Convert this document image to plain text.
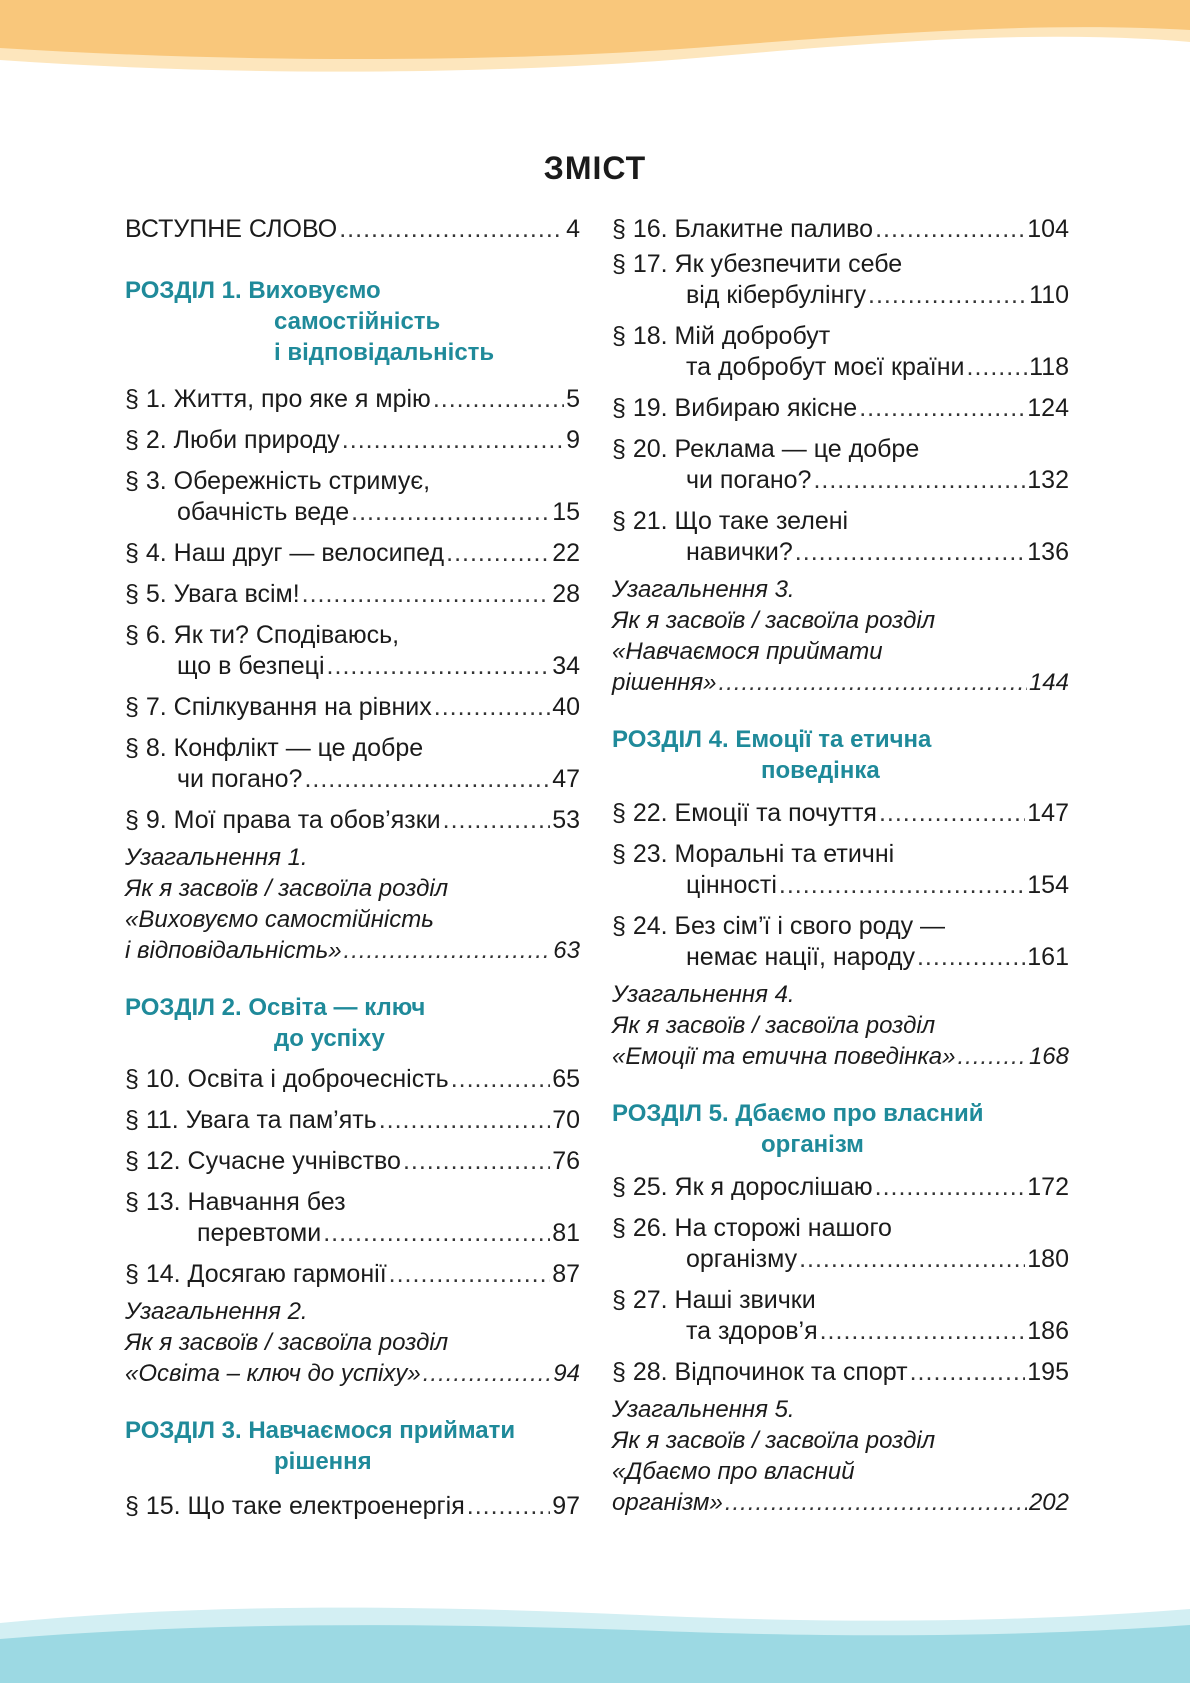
ЗМІСТ
ВСТУПНЕ СЛОВО .....	4
РОЗДІЛ 1. Виховуємо
самостійність
і відповідальність
§ 1. Життя, про яке я мрію .....	5
§ 2. Люби природу .....	9
§ 3. Обережність стримує,
обачність веде .....	15
§ 4. Наш друг — велосипед .....	22
§ 5. Увага всім! .....	28
§ 6. Як ти? Сподіваюсь,
що в безпеці .....	34
§ 7. Спілкування на рівних .....	40
§ 8. Конфлікт — це добре
чи погано? .....	47
§ 9. Мої права та обов’язки .....	53
Узагальнення 1.
Як я засвоїв / засвоїла розділ
«Виховуємо самостійність
і відповідальність» .....	63
РОЗДІЛ 2. Освіта — ключ
до успіху
§ 10. Освіта і доброчесність .....	65
§ 11. Увага та пам’ять .....	70
§ 12. Сучасне учнівство .....	76
§ 13. Навчання без
перевтоми .....	81
§ 14. Досягаю гармонії .....	87
Узагальнення 2.
Як я засвоїв / засвоїла розділ
«Освіта – ключ до успіху» .....	94
РОЗДІЛ 3. Навчаємося приймати
рішення
§ 15. Що таке електроенергія .....	97
§ 16. Блакитне паливо .....	104
§ 17. Як убезпечити себе
від кібербулінгу .....	110
§ 18. Мій добробут
та добробут моєї країни .....	118
§ 19. Вибираю якісне .....	124
§ 20. Реклама — це добре
чи погано? .....	132
§ 21. Що таке зелені
навички? .....	136
Узагальнення 3.
Як я засвоїв / засвоїла розділ
«Навчаємося приймати
рішення» .....	144
РОЗДІЛ 4. Емоції та етична
поведінка
§ 22. Емоції та почуття .....	147
§ 23. Моральні та етичні
цінності .....	154
§ 24. Без сім’ї і свого роду —
немає нації, народу .....	161
Узагальнення 4.
Як я засвоїв / засвоїла розділ
«Емоції та етична поведінка» .....	168
РОЗДІЛ 5. Дбаємо про власний
організм
§ 25. Як я дорослішаю .....	172
§ 26. На сторожі нашого
організму .....	180
§ 27. Наші звички
та здоров’я .....	186
§ 28. Відпочинок та спорт .....	195
Узагальнення 5.
Як я засвоїв / засвоїла розділ
«Дбаємо про власний
організм» .....	202
